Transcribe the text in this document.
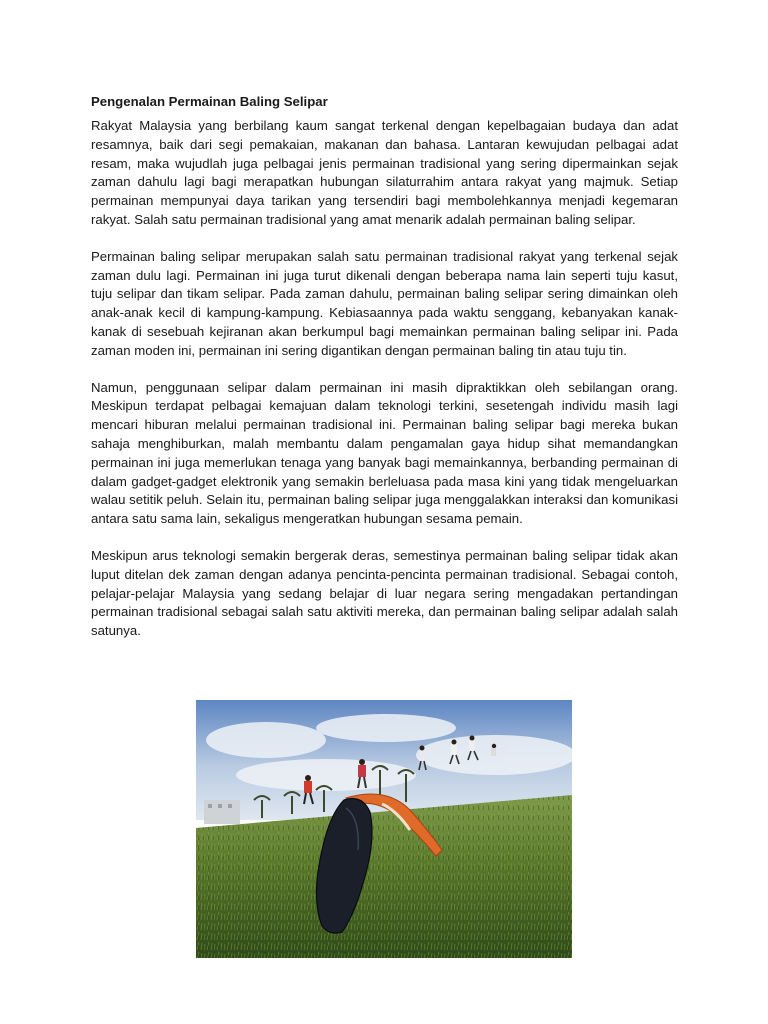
Pengenalan Permainan Baling Selipar

Rakyat Malaysia yang berbilang kaum sangat terkenal dengan kepelbagaian budaya dan adat resamnya, baik dari segi pemakaian, makanan dan bahasa. Lantaran kewujudan pelbagai adat resam, maka wujudlah juga pelbagai jenis permainan tradisional yang sering dipermainkan sejak zaman dahulu lagi bagi merapatkan hubungan silaturrahim antara rakyat yang majmuk. Setiap permainan mempunyai daya tarikan yang tersendiri bagi membolehkannya menjadi kegemaran rakyat. Salah satu permainan tradisional yang amat menarik adalah permainan baling selipar.

Permainan baling selipar merupakan salah satu permainan tradisional rakyat yang terkenal sejak zaman dulu lagi. Permainan ini juga turut dikenali dengan beberapa nama lain seperti tuju kasut, tuju selipar dan tikam selipar. Pada zaman dahulu, permainan baling selipar sering dimainkan oleh anak-anak kecil di kampung-kampung. Kebiasaannya pada waktu senggang, kebanyakan kanak-kanak di sesebuah kejiranan akan berkumpul bagi memainkan permainan baling selipar ini. Pada zaman moden ini, permainan ini sering digantikan dengan permainan baling tin atau tuju tin.

Namun, penggunaan selipar dalam permainan ini masih dipraktikkan oleh sebilangan orang. Meskipun terdapat pelbagai kemajuan dalam teknologi terkini, sesetengah individu masih lagi mencari hiburan melalui permainan tradisional ini. Permainan baling selipar bagi mereka bukan sahaja menghiburkan, malah membantu dalam pengamalan gaya hidup sihat memandangkan permainan ini juga memerlukan tenaga yang banyak bagi memainkannya, berbanding permainan di dalam gadget-gadget elektronik yang semakin berleluasa pada masa kini yang tidak mengeluarkan walau setitik peluh. Selain itu, permainan baling selipar juga menggalakkan interaksi dan komunikasi antara satu sama lain, sekaligus mengeratkan hubungan sesama pemain.

Meskipun arus teknologi semakin bergerak deras, semestinya permainan baling selipar tidak akan luput ditelan dek zaman dengan adanya pencinta-pencinta permainan tradisional. Sebagai contoh, pelajar-pelajar Malaysia yang sedang belajar di luar negara sering mengadakan pertandingan permainan tradisional sebagai salah satu aktiviti mereka, dan permainan baling selipar adalah salah satunya.
